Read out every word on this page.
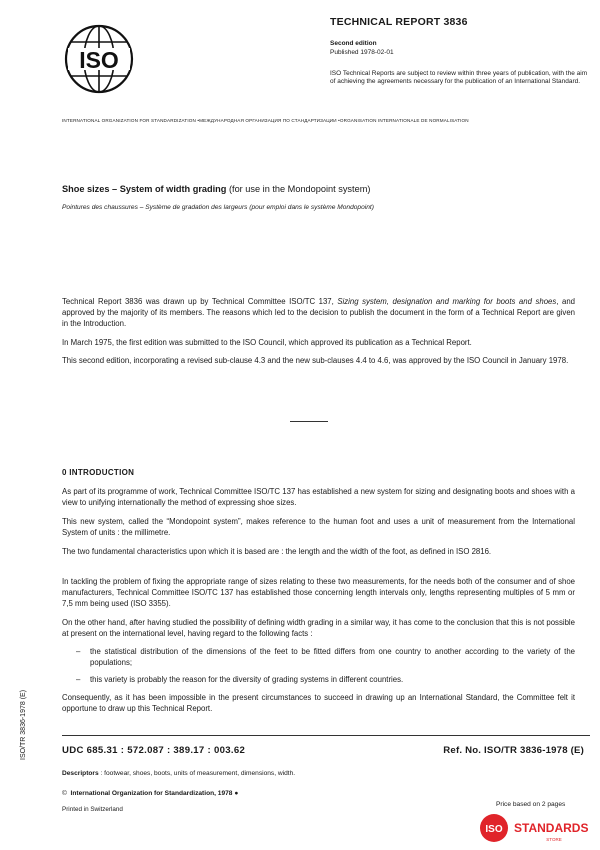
ISO
TECHNICAL REPORT 3836
Second edition
Published 1978-02-01
ISO Technical Reports are subject to review within three years of publication, with the aim of achieving the agreements necessary for the publication of an International Standard.
INTERNATIONAL ORGANIZATION FOR STANDARDIZATION •МЕЖДУНАРОДНАЯ ОРГАНИЗАЦИЯ ПО СТАНДАРТИЗАЦИИ •ORGANISATION INTERNATIONALE DE NORMALISATION
Shoe sizes – System of width grading (for use in the Mondopoint system)
Pointures des chaussures – Système de gradation des largeurs (pour emploi dans le système Mondopoint)
Technical Report 3836 was drawn up by Technical Committee ISO/TC 137, Sizing system, designation and marking for boots and shoes, and approved by the majority of its members. The reasons which led to the decision to publish the document in the form of a Technical Report are given in the Introduction.
In March 1975, the first edition was submitted to the ISO Council, which approved its publication as a Technical Report.
This second edition, incorporating a revised sub-clause 4.3 and the new sub-clauses 4.4 to 4.6, was approved by the ISO Council in January 1978.
0 INTRODUCTION
As part of its programme of work, Technical Committee ISO/TC 137 has established a new system for sizing and designating boots and shoes with a view to unifying internationally the method of expressing shoe sizes.
This new system, called the “Mondopoint system”, makes reference to the human foot and uses a unit of measurement from the International System of units : the millimetre.
The two fundamental characteristics upon which it is based are : the length and the width of the foot, as defined in ISO 2816.
In tackling the problem of fixing the appropriate range of sizes relating to these two measurements, for the needs both of the consumer and of shoe manufacturers, Technical Committee ISO/TC 137 has established those concerning length intervals only, lengths representing multiples of 5 mm or 7,5 mm being used (ISO 3355).
On the other hand, after having studied the possibility of defining width grading in a similar way, it has come to the conclusion that this is not possible at present on the international level, having regard to the following facts :
–	the statistical distribution of the dimensions of the feet to be fitted differs from one country to another according to the variety of the populations;
–	this variety is probably the reason for the diversity of grading systems in different countries.
Consequently, as it has been impossible in the present circumstances to succeed in drawing up an International Standard, the Committee felt it opportune to draw up this Technical Report.
UDC 685.31 : 572.087 : 389.17 : 003.62	Ref. No. ISO/TR 3836-1978 (E)
Descriptors : footwear, shoes, boots, units of measurement, dimensions, width.
© International Organization for Standardization, 1978 ●
Printed in Switzerland
Price based on 2 pages
ISO/TR 3836-1978 (E)
ISO STANDARDS
STORE
